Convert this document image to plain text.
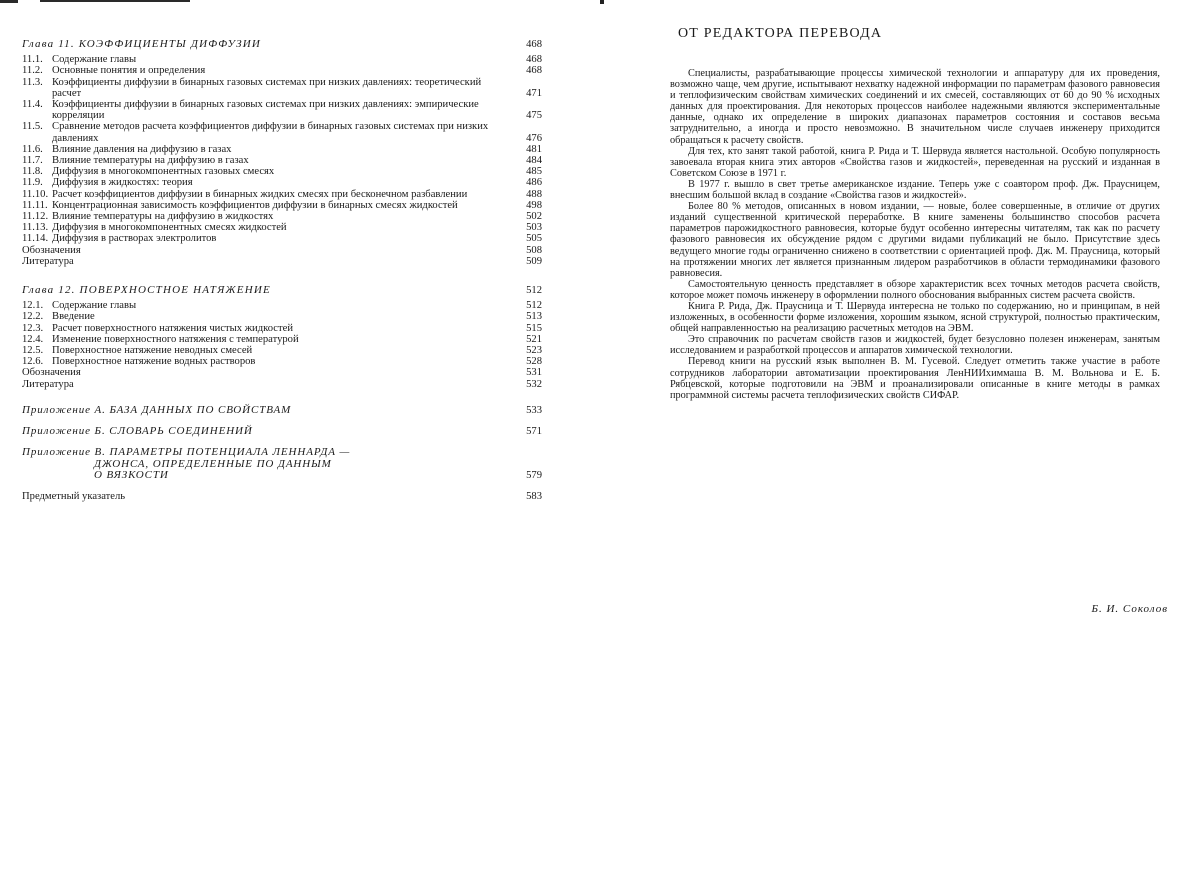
Глава 11. КОЭФФИЦИЕНТЫ ДИФФУЗИИ	468
11.1. Содержание главы	468
11.2. Основные понятия и определения	468
11.3. Коэффициенты диффузии в бинарных газовых системах при низких давлениях: теоретический расчет	471
11.4. Коэффициенты диффузии в бинарных газовых системах при низких давлениях: эмпирические корреляции	475
11.5. Сравнение методов расчета коэффициентов диффузии в бинарных газовых системах при низких давлениях	476
11.6. Влияние давления на диффузию в газах	481
11.7. Влияние температуры на диффузию в газах	484
11.8. Диффузия в многокомпонентных газовых смесях	485
11.9. Диффузия в жидкостях: теория	486
11.10. Расчет коэффициентов диффузии в бинарных жидких смесях при бесконечном разбавлении	488
11.11. Концентрационная зависимость коэффициентов диффузии в бинарных смесях жидкостей	498
11.12. Влияние температуры на диффузию в жидкостях	502
11.13. Диффузия в многокомпонентных смесях жидкостей	503
11.14. Диффузия в растворах электролитов	505
Обозначения	508
Литература	509
Глава 12. ПОВЕРХНОСТНОЕ НАТЯЖЕНИЕ	512
12.1. Содержание главы	512
12.2. Введение	513
12.3. Расчет поверхностного натяжения чистых жидкостей	515
12.4. Изменение поверхностного натяжения с температурой	521
12.5. Поверхностное натяжение неводных смесей	523
12.6. Поверхностное натяжение водных растворов	528
Обозначения	531
Литература	532
Приложение А. БАЗА ДАННЫХ ПО СВОЙСТВАМ	533
Приложение Б. СЛОВАРЬ СОЕДИНЕНИЙ	571
Приложение В. ПАРАМЕТРЫ ПОТЕНЦИАЛА ЛЕННАРДА —
ДЖОНСА, ОПРЕДЕЛЕННЫЕ ПО ДАННЫМ
О ВЯЗКОСТИ	579
Предметный указатель	583
ОТ РЕДАКТОРА ПЕРЕВОДА

Специалисты, разрабатывающие процессы химической технологии и аппаратуру для их проведения, возможно чаще, чем другие, испытывают нехватку надежной информации по параметрам фазового равновесия и теплофизическим свойствам химических соединений и их смесей, составляющих от 60 до 90 % исходных данных для проектирования. Для некоторых процессов наиболее надежными являются экспериментальные данные, однако их определение в широких диапазонах параметров состояния и составов весьма затруднительно, а иногда и просто невозможно. В значительном числе случаев инженеру приходится обращаться к расчету свойств.

Для тех, кто занят такой работой, книга Р. Рида и Т. Шервуда является настольной. Особую популярность завоевала вторая книга этих авторов «Свойства газов и жидкостей», переведенная на русский и изданная в Советском Союзе в 1971 г.

В 1977 г. вышло в свет третье американское издание. Теперь уже с соавтором проф. Дж. Праусницем, внесшим большой вклад в создание «Свойства газов и жидкостей».

Более 80 % методов, описанных в новом издании, — новые, более совершенные, в отличие от других изданий существенной критической переработке. В книге заменены большинство способов расчета параметров парожидкостного равновесия, которые будут особенно интересны читателям, так как по расчету фазового равновесия их обсуждение рядом с другими видами публикаций не было. Присутствие здесь ведущего многие годы ограниченно снижено в соответствии с ориентацией проф. Дж. М. Праусница, который на протяжении многих лет является признанным лидером разработчиков в области термодинамики фазового равновесия.

Самостоятельную ценность представляет в обзоре характеристик всех точных методов расчета свойств, которое может помочь инженеру в оформлении полного обоснования выбранных систем расчета свойств.

Книга Р. Рида, Дж. Праусница и Т. Шервуда интересна не только по содержанию, но и принципам, в ней изложенных, в особенности форме изложения, хорошим языком, ясной структурой, полностью практическим, общей направленностью на реализацию расчетных методов на ЭВМ.

Это справочник по расчетам свойств газов и жидкостей, будет безусловно полезен инженерам, занятым исследованием и разработкой процессов и аппаратов химической технологии.

Перевод книги на русский язык выполнен В. М. Гусевой. Следует отметить также участие в работе сотрудников лаборатории автоматизации проектирования ЛенНИИхиммаша В. М. Вольнова и Е. Б. Рябцевской, которые подготовили на ЭВМ и проанализировали описанные в книге методы в рамках программной системы расчета теплофизических свойств СИФАР.

Б. И. Соколов
